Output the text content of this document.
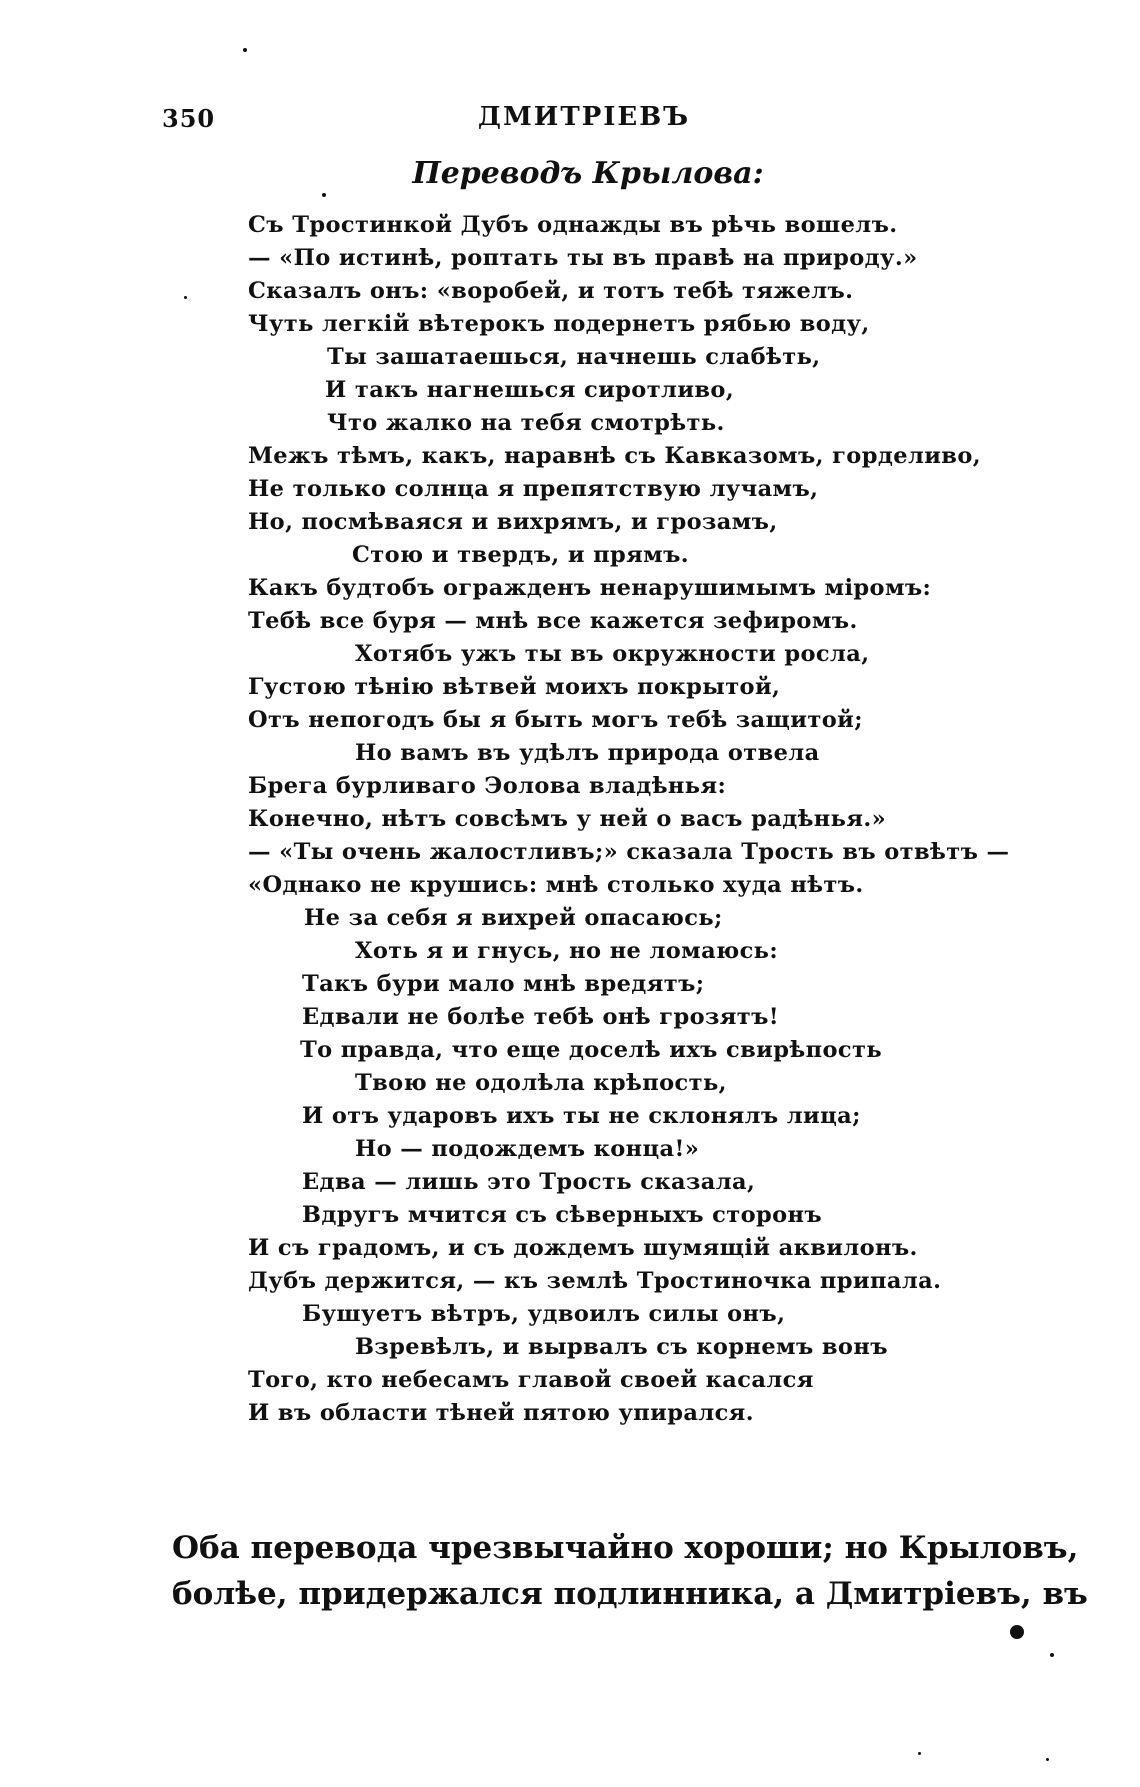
350	ДМИТРІЕВЪ
Переводъ Крылова:
Съ Тростинкой Дубъ однажды въ рѣчь вошелъ.
— «По истинѣ, роптать ты въ правѣ на природу.»
Сказалъ онъ: «воробей, и тотъ тебѣ тяжелъ.
Чуть легкій вѣтерокъ подернетъ рябью воду,
Ты зашатаешься, начнешь слабѣть,
И такъ нагнешься сиротливо,
Что жалко на тебя смотрѣть.
Межъ тѣмъ, какъ, наравнѣ съ Кавказомъ, горделиво,
Не только солнца я препятствую лучамъ,
Но, посмѣваяся и вихрямъ, и грозамъ,
Стою и твердъ, и прямъ.
Какъ будтобъ огражденъ ненарушимымъ міромъ:
Тебѣ все буря — мнѣ все кажется зефиромъ.
Хотябъ ужъ ты въ окружности росла,
Густою тѣнію вѣтвей моихъ покрытой,
Отъ непогодъ бы я быть могъ тебѣ защитой;
Но вамъ въ удѣлъ природа отвела
Брега бурливаго Эолова владѣнья:
Конечно, нѣтъ совсѣмъ у ней о васъ радѣнья.»
— «Ты очень жалостливъ;» сказала Трость въ отвѣтъ —
«Однако не крушись: мнѣ столько худа нѣтъ.
Не за себя я вихрей опасаюсь;
Хоть я и гнусь, но не ломаюсь:
Такъ бури мало мнѣ вредятъ;
Едвали не болѣе тебѣ онѣ грозятъ!
То правда, что еще доселѣ ихъ свирѣпость
Твою не одолѣла крѣпость,
И отъ ударовъ ихъ ты не склонялъ лица;
Но — подождемъ конца!»
Едва — лишь это Трость сказала,
Вдругъ мчится съ сѣверныхъ сторонъ
И съ градомъ, и съ дождемъ шумящій аквилонъ.
Дубъ держится, — къ землѣ Тростиночка припала.
Бушуетъ вѣтръ, удвоилъ силы онъ,
Взревѣлъ, и вырвалъ съ корнемъ вонъ
Того, кто небесамъ главой своей касался
И въ области тѣней пятою упирался.
Оба перевода чрезвычайно хороши; но Крыловъ,
болѣе, придержался подлинника, а Дмитріевъ, въ
